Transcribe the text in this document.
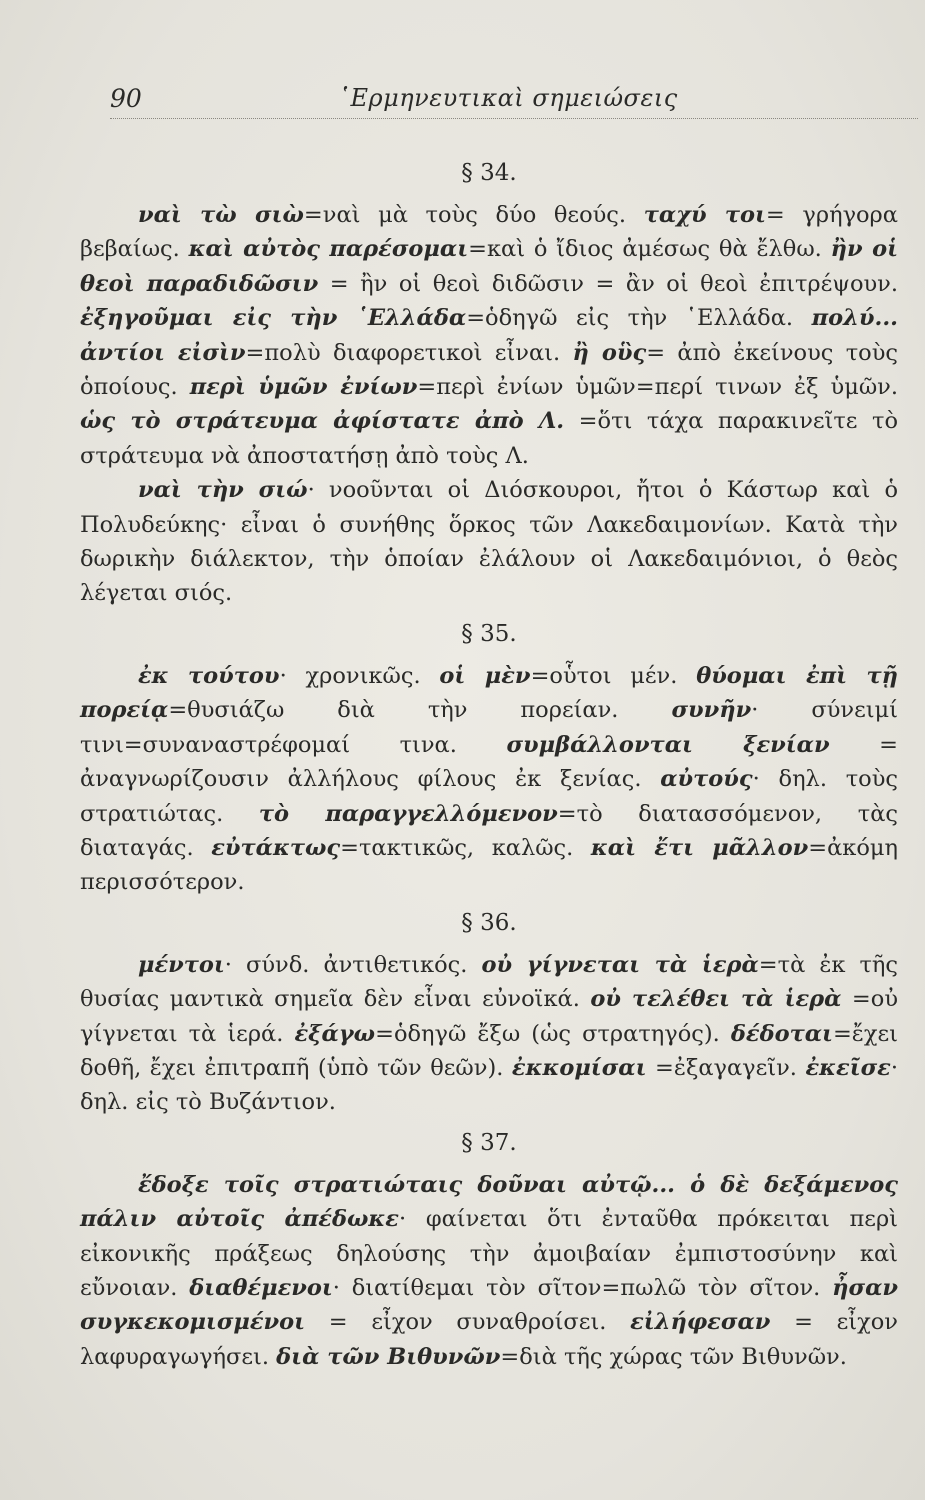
90	῾Ερμηνευτικαὶ σημειώσεις
§ 34.

ναὶ τὼ σιὼ=ναὶ μὰ τοὺς δύο θεούς. ταχύ τοι= γρήγορα βεβαίως. καὶ αὐτὸς παρέσομαι=καὶ ὁ ἴδιος ἀμέσως θὰ ἔλθω. ἢν οἱ θεοὶ παραδιδῶσιν = ἢν οἱ θεοὶ διδῶσιν = ἂν οἱ θεοὶ ἐπιτρέψουν. ἐξηγοῦμαι εἰς τὴν ῾Ελλάδα=ὁδηγῶ εἰς τὴν ῾Ελλάδα. πολύ... ἀντίοι εἰσὶν=πολὺ διαφορετικοὶ εἶναι. ἢ οὓς= ἀπὸ ἐκείνους τοὺς ὁποίους. περὶ ὑμῶν ἐνίων=περὶ ἐνίων ὑμῶν=περί τινων ἐξ ὑμῶν. ὡς τὸ στράτευμα ἀφίστατε ἀπὸ Λ. =ὅτι τάχα παρακινεῖτε τὸ στράτευμα νὰ ἀποστατήσῃ ἀπὸ τοὺς Λ.

ναὶ τὴν σιώ· νοοῦνται οἱ Διόσκουροι, ἤτοι ὁ Κάστωρ καὶ ὁ Πολυδεύκης· εἶναι ὁ συνήθης ὅρκος τῶν Λακεδαιμονίων. Κατὰ τὴν δωρικὴν διάλεκτον, τὴν ὁποίαν ἐλάλουν οἱ Λακεδαιμόνιοι, ὁ θεὸς λέγεται σιός.

§ 35.

ἐκ τούτου· χρονικῶς. οἱ μὲν=οὗτοι μέν. θύομαι ἐπὶ τῇ πορείᾳ=θυσιάζω διὰ τὴν πορείαν. συνῆν· σύνειμί τινι=συναναστρέφομαί τινα. συμβάλλονται ξενίαν = ἀναγνωρίζουσιν ἀλλήλους φίλους ἐκ ξενίας. αὐτούς· δηλ. τοὺς στρατιώτας. τὸ παραγγελλόμενον=τὸ διατασσόμενον, τὰς διαταγάς. εὐτάκτως=τακτικῶς, καλῶς. καὶ ἔτι μᾶλλον=ἀκόμη περισσότερον.

§ 36.

μέντοι· σύνδ. ἀντιθετικός. οὐ γίγνεται τὰ ἱερὰ=τὰ ἐκ τῆς θυσίας μαντικὰ σημεῖα δὲν εἶναι εὐνοϊκά. οὐ τελέθει τὰ ἱερὰ =οὐ γίγνεται τὰ ἱερά. ἐξάγω=ὁδηγῶ ἔξω (ὡς στρατηγός). δέδοται=ἔχει δοθῆ, ἔχει ἐπιτραπῆ (ὑπὸ τῶν θεῶν). ἐκκομίσαι =ἐξαγαγεῖν. ἐκεῖσε· δηλ. εἰς τὸ Βυζάντιον.

§ 37.

ἔδοξε τοῖς στρατιώταις δοῦναι αὐτῷ... ὁ δὲ δεξάμενος πάλιν αὐτοῖς ἀπέδωκε· φαίνεται ὅτι ἐνταῦθα πρόκειται περὶ εἰκονικῆς πράξεως δηλούσης τὴν ἀμοιβαίαν ἐμπιστοσύνην καὶ εὔνοιαν. διαθέμενοι· διατίθεμαι τὸν σῖτον=πωλῶ τὸν σῖτον. ἦσαν συγκεκομισμένοι = εἶχον συναθροίσει. εἰλήφεσαν = εἶχον λαφυραγωγήσει. διὰ τῶν Βιθυνῶν=διὰ τῆς χώρας τῶν Βιθυνῶν.
